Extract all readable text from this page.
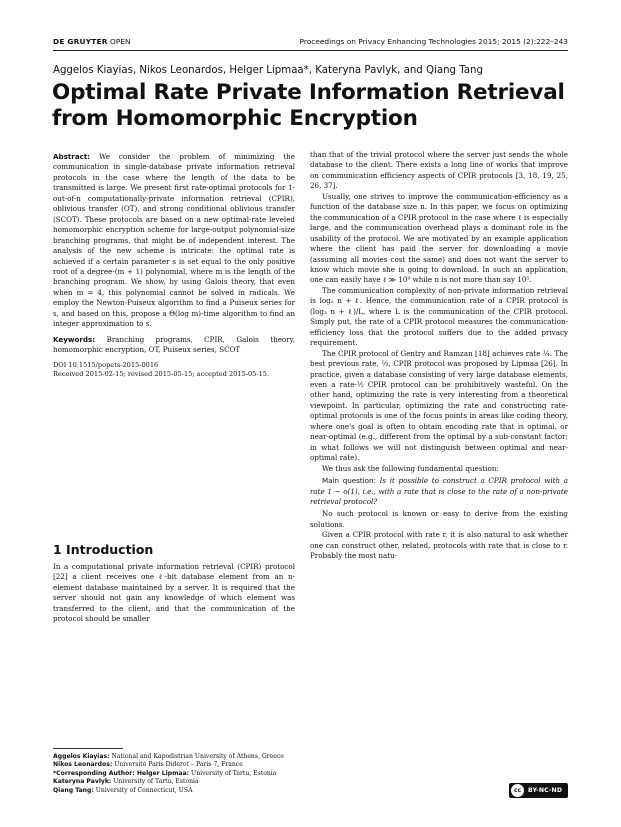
DE GRUYTER OPEN	Proceedings on Privacy Enhancing Technologies 2015; 2015 (2):222–243
Aggelos Kiayias, Nikos Leonardos, Helger Lipmaa*, Kateryna Pavlyk, and Qiang Tang
Optimal Rate Private Information Retrieval from Homomorphic Encryption

Abstract: We consider the problem of minimizing the communication in single-database private information retrieval protocols in the case where the length of the data to be transmitted is large. We present first rate-optimal protocols for 1-out-of-n computationally-private information retrieval (CPIR), oblivious transfer (OT), and strong conditional oblivious transfer (SCOT). These protocols are based on a new optimal-rate leveled homomorphic encryption scheme for large-output polynomial-size branching programs, that might be of independent interest. The analysis of the new scheme is intricate: the optimal rate is achieved if a certain parameter s is set equal to the only positive root of a degree-(m + 1) polynomial, where m is the length of the branching program. We show, by using Galois theory, that even when m = 4, this polynomial cannot be solved in radicals. We employ the Newton-Puiseux algorithm to find a Puiseux series for s, and based on this, propose a Θ(log m)-time algorithm to find an integer approximation to s.

Keywords: Branching programs, CPIR, Galois theory, homomorphic encryption, OT, Puiseux series, SCOT

DOI 10.1515/popets-2015-0016

Received 2015-02-15; revised 2015-05-15; accepted 2015-05-15.

1 Introduction

In a computational private information retrieval (CPIR) protocol [22] a client receives one ℓ-bit database element from an n-element database maintained by a server. It is required that the server should not gain any knowledge of which element was transferred to the client, and that the communication of the protocol should be smaller

Aggelos Kiayias: National and Kapodistrian University of Athens, Greece

Nikos Leonardos: Université Paris Diderot – Paris 7, France

*Corresponding Author: Helger Lipmaa: University of Tartu, Estonia

Kateryna Pavlyk: University of Tartu, Estonia

Qiang Tang: University of Connecticut, USA

than that of the trivial protocol where the server just sends the whole database to the client. There exists a long line of works that improve on communication efficiency aspects of CPIR protocols [3, 18, 19, 25, 26, 37].

Usually, one strives to improve the communication-efficiency as a function of the database size n. In this paper, we focus on optimizing the communication of a CPIR protocol in the case where ℓ is especially large, and the communication overhead plays a dominant role in the usability of the protocol. We are motivated by an example application where the client has paid the server for downloading a movie (assuming all movies cost the same) and does not want the server to know which movie she is going to download. In such an application, one can easily have ℓ ≫ 10⁹ while n is not more than say 10⁵.

The communication complexity of non-private information retrieval is log₂ n + ℓ. Hence, the communication rate of a CPIR protocol is (log₂ n + ℓ)/L, where L is the communication of the CPIR protocol. Simply put, the rate of a CPIR protocol measures the communication-efficiency loss that the protocol suffers due to the added privacy requirement.

The CPIR protocol of Gentry and Ramzan [18] achieves rate ¼. The best previous rate, ½, CPIR protocol was proposed by Lipmaa [26]. In practice, given a database consisting of very large database elements, even a rate-½ CPIR protocol can be prohibitively wasteful. On the other hand, optimizing the rate is very interesting from a theoretical viewpoint. In particular, optimizing the rate and constructing rate-optimal protocols is one of the focus points in areas like coding theory, where one's goal is often to obtain encoding rate that is optimal, or near-optimal (e.g., different from the optimal by a sub-constant factor; in what follows we will not distinguish between optimal and near-optimal rate).

We thus ask the following fundamental question:

Main question: Is it possible to construct a CPIR protocol with a rate 1 − o(1), i.e., with a rate that is close to the rate of a non-private retrieval protocol?

No such protocol is known or easy to derive from the existing solutions.

Given a CPIR protocol with rate r, it is also natural to ask whether one can construct other, related, protocols with rate that is close to r. Probably the most natu-

cc	BY-NC-ND
